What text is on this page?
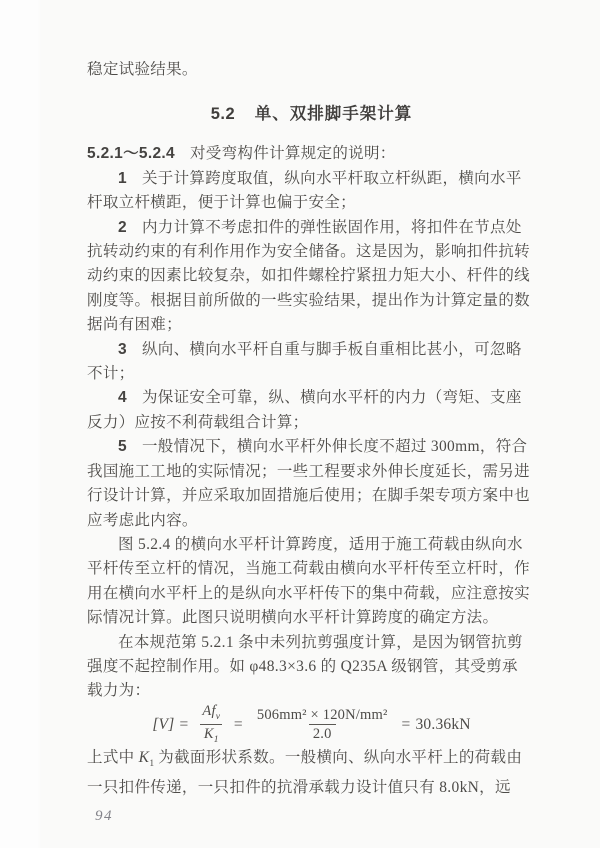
稳定试验结果。
5.2 单、双排脚手架计算
5.2.1～5.2.4 对受弯构件计算规定的说明：
1 关于计算跨度取值，纵向水平杆取立杆纵距，横向水平
杆取立杆横距，便于计算也偏于安全；
2 内力计算不考虑扣件的弹性嵌固作用，将扣件在节点处
抗转动约束的有利作用作为安全储备。这是因为，影响扣件抗转
动约束的因素比较复杂，如扣件螺栓拧紧扭力矩大小、杆件的线
刚度等。根据目前所做的一些实验结果，提出作为计算定量的数
据尚有困难；
3 纵向、横向水平杆自重与脚手板自重相比甚小，可忽略
不计；
4 为保证安全可靠，纵、横向水平杆的内力（弯矩、支座
反力）应按不利荷载组合计算；
5 一般情况下，横向水平杆外伸长度不超过 300mm，符合
我国施工工地的实际情况；一些工程要求外伸长度延长，需另进
行设计计算，并应采取加固措施后使用；在脚手架专项方案中也
应考虑此内容。
图 5.2.4 的横向水平杆计算跨度，适用于施工荷载由纵向水
平杆传至立杆的情况，当施工荷载由横向水平杆传至立杆时，作
用在横向水平杆上的是纵向水平杆传下的集中荷载，应注意按实
际情况计算。此图只说明横向水平杆计算跨度的确定方法。
在本规范第 5.2.1 条中未列抗剪强度计算，是因为钢管抗剪
强度不起控制作用。如 φ48.3×3.6 的 Q235A 级钢管，其受剪承
载力为：
$[V] = \frac{Af_v}{K_1} = \frac{\text{506mm² × 120N/mm²}}{2.0} = 30.36kN$
上式中 $K_1$ 为截面形状系数。一般横向、纵向水平杆上的荷载由
一只扣件传递，一只扣件的抗滑承载力设计值只有 8.0kN，远
94
